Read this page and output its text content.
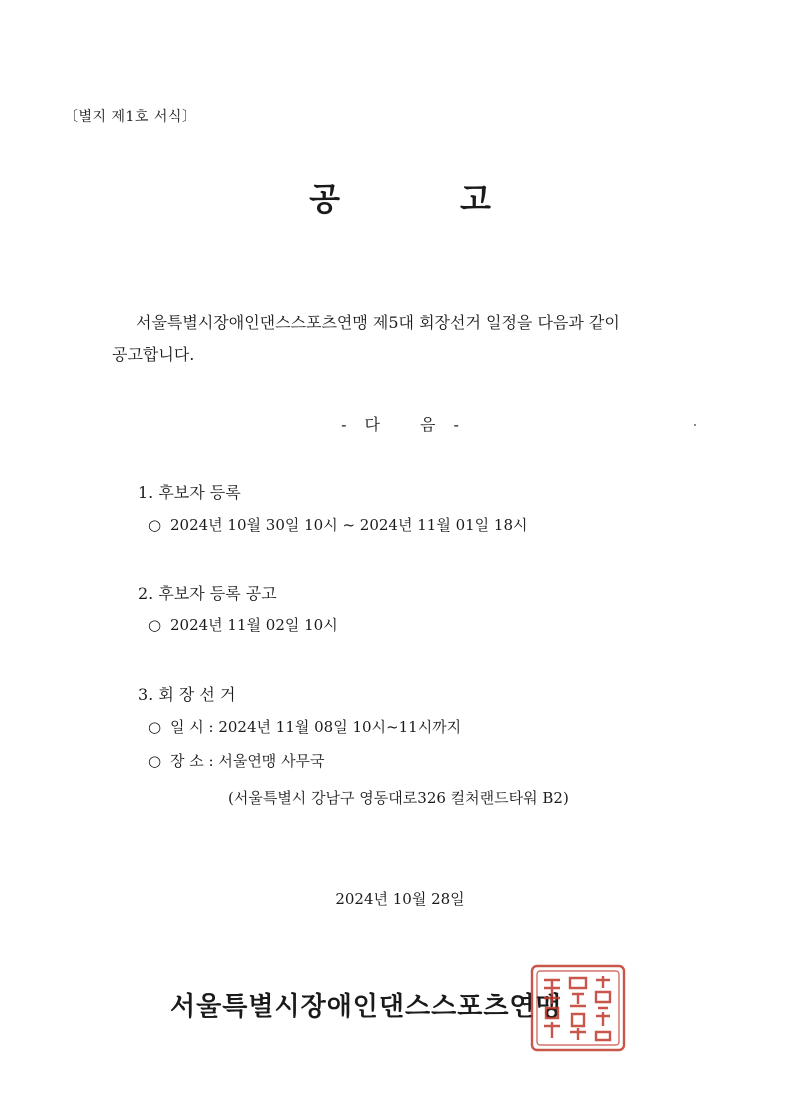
〔별지 제1호 서식〕
공	고
서울특별시장애인댄스스포츠연맹 제5대 회장선거 일정을 다음과 같이
공고합니다.
- 다	음 -
1. 후보자 등록
○ 2024년 10월 30일 10시 ~ 2024년 11월 01일 18시
2. 후보자 등록 공고
○ 2024년 11월 02일 10시
3. 회 장 선 거
○ 일 시 : 2024년 11월 08일 10시~11시까지
○ 장 소 : 서울연맹 사무국
(서울특별시 강남구 영동대로326 컬처랜드타워 B2)
2024년 10월 28일
서울특별시장애인댄스스포츠연맹
